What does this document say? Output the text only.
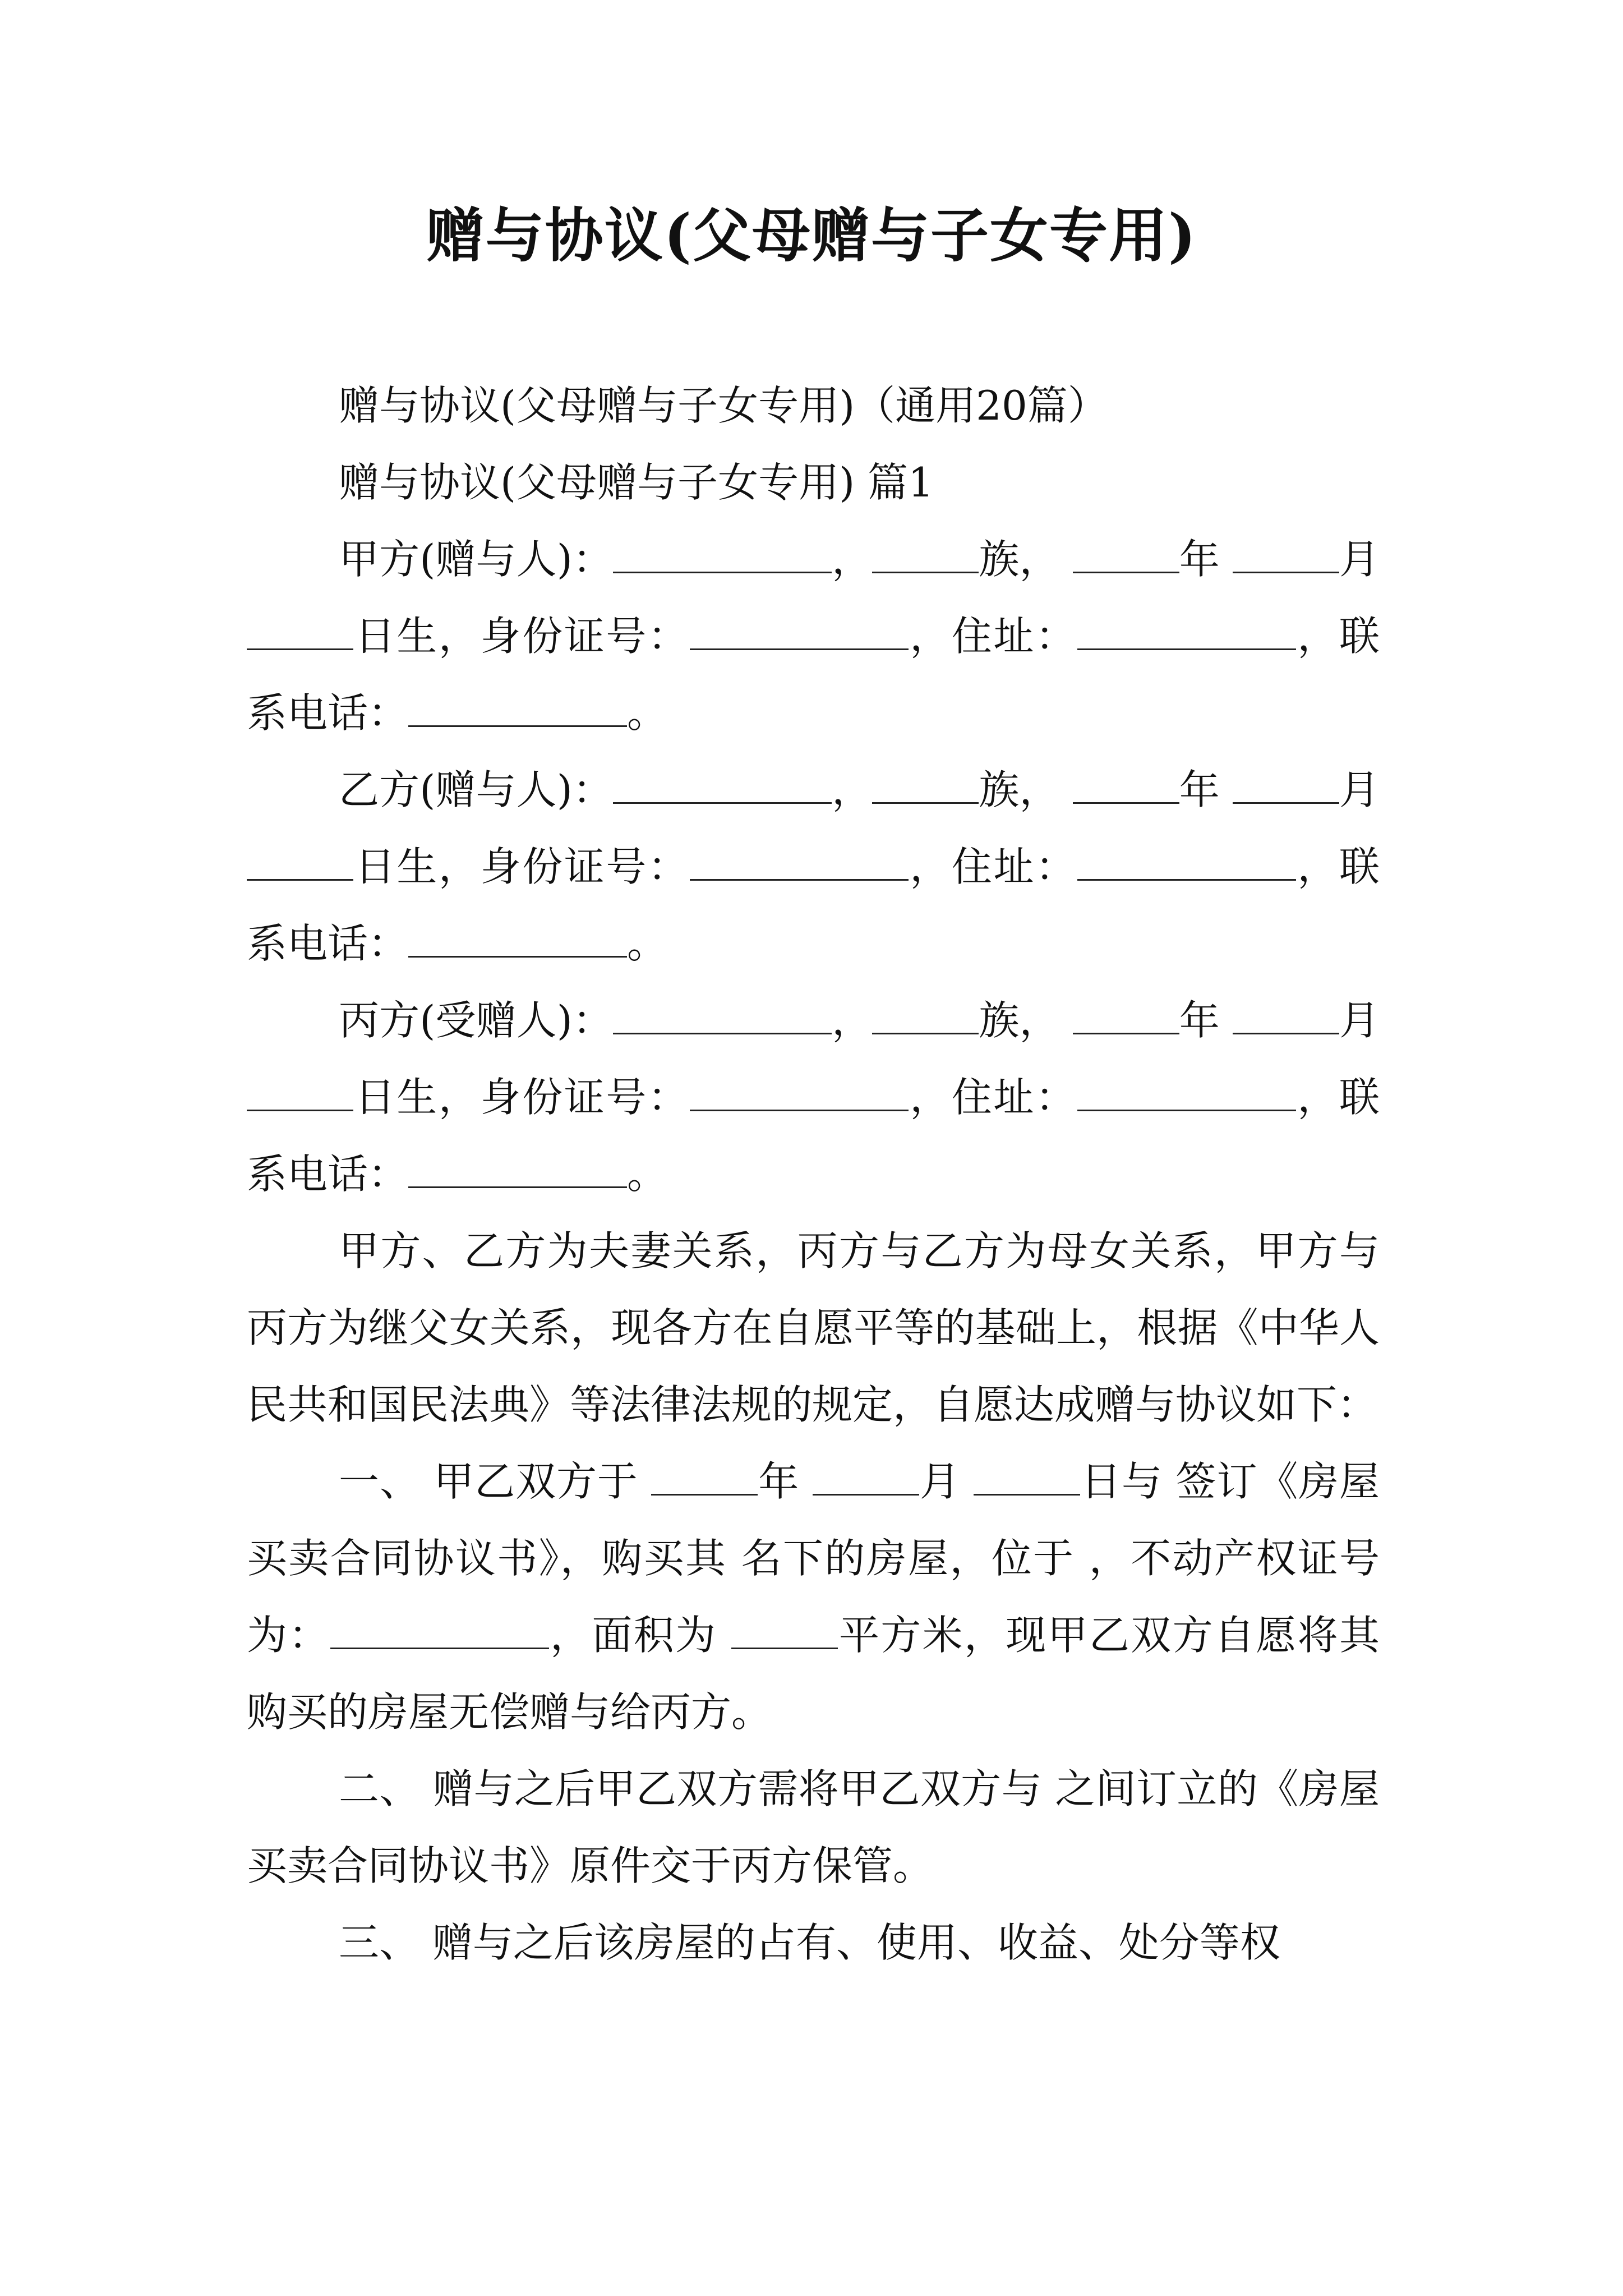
赠与协议(父母赠与子女专用)

赠与协议(父母赠与子女专用)（通用20篇）

赠与协议(父母赠与子女专用) 篇1

甲方(赠与人)：	，	族，	年	月 日生，身份证号：	，住址：	，联系电话：	。

乙方(赠与人)：	，	族，	年	月 日生，身份证号：	，住址：	，联系电话：	。

丙方(受赠人)：	，	族，	年	月 日生，身份证号：	，住址：	，联系电话：	。

甲方、乙方为夫妻关系，丙方与乙方为母女关系，甲方与丙方为继父女关系，现各方在自愿平等的基础上，根据《中华人民共和国民法典》等法律法规的规定，自愿达成赠与协议如下：

一、 甲乙双方于	年	月	日与 签订《房屋买卖合同协议书》，购买其 名下的房屋，位于 ，不动产权证号为：	，面积为	平方米，现甲乙双方自愿将其购买的房屋无偿赠与给丙方。

二、 赠与之后甲乙双方需将甲乙双方与 之间订立的《房屋买卖合同协议书》原件交于丙方保管。

三、 赠与之后该房屋的占有、使用、收益、处分等权
